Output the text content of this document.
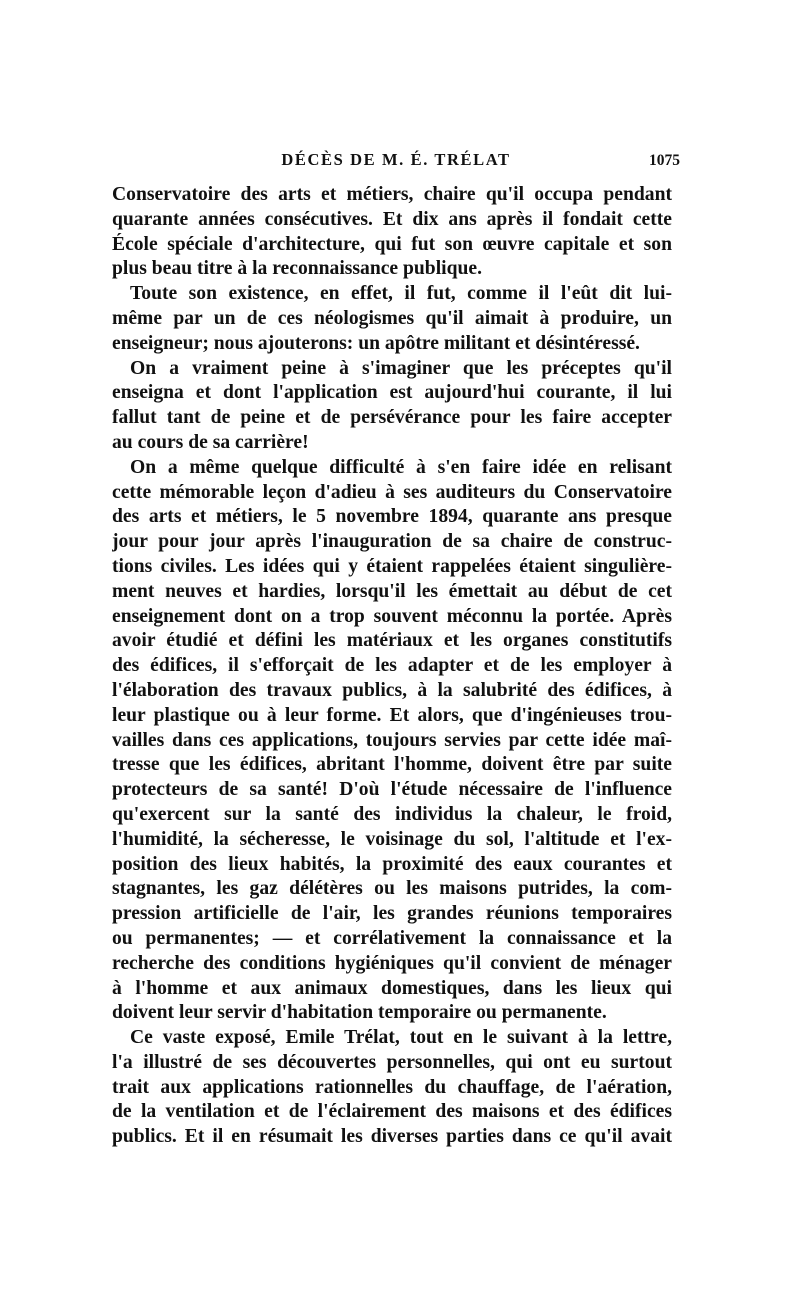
DÉCÈS DE M. É. TRÉLAT	1075
Conservatoire des arts et métiers, chaire qu'il occupa pendant
quarante années consécutives. Et dix ans après il fondait cette
École spéciale d'architecture, qui fut son œuvre capitale et son
plus beau titre à la reconnaissance publique.
Toute son existence, en effet, il fut, comme il l'eût dit lui-
même par un de ces néologismes qu'il aimait à produire, un
enseigneur; nous ajouterons: un apôtre militant et désintéressé.
On a vraiment peine à s'imaginer que les préceptes qu'il
enseigna et dont l'application est aujourd'hui courante, il lui
fallut tant de peine et de persévérance pour les faire accepter
au cours de sa carrière!
On a même quelque difficulté à s'en faire idée en relisant
cette mémorable leçon d'adieu à ses auditeurs du Conservatoire
des arts et métiers, le 5 novembre 1894, quarante ans presque
jour pour jour après l'inauguration de sa chaire de construc-
tions civiles. Les idées qui y étaient rappelées étaient singulière-
ment neuves et hardies, lorsqu'il les émettait au début de cet
enseignement dont on a trop souvent méconnu la portée. Après
avoir étudié et défini les matériaux et les organes constitutifs
des édifices, il s'efforçait de les adapter et de les employer à
l'élaboration des travaux publics, à la salubrité des édifices, à
leur plastique ou à leur forme. Et alors, que d'ingénieuses trou-
vailles dans ces applications, toujours servies par cette idée maî-
tresse que les édifices, abritant l'homme, doivent être par suite
protecteurs de sa santé! D'où l'étude nécessaire de l'influence
qu'exercent sur la santé des individus la chaleur, le froid,
l'humidité, la sécheresse, le voisinage du sol, l'altitude et l'ex-
position des lieux habités, la proximité des eaux courantes et
stagnantes, les gaz délétères ou les maisons putrides, la com-
pression artificielle de l'air, les grandes réunions temporaires
ou permanentes; — et corrélativement la connaissance et la
recherche des conditions hygiéniques qu'il convient de ménager
à l'homme et aux animaux domestiques, dans les lieux qui
doivent leur servir d'habitation temporaire ou permanente.
Ce vaste exposé, Emile Trélat, tout en le suivant à la lettre,
l'a illustré de ses découvertes personnelles, qui ont eu surtout
trait aux applications rationnelles du chauffage, de l'aération,
de la ventilation et de l'éclairement des maisons et des édifices
publics. Et il en résumait les diverses parties dans ce qu'il avait
